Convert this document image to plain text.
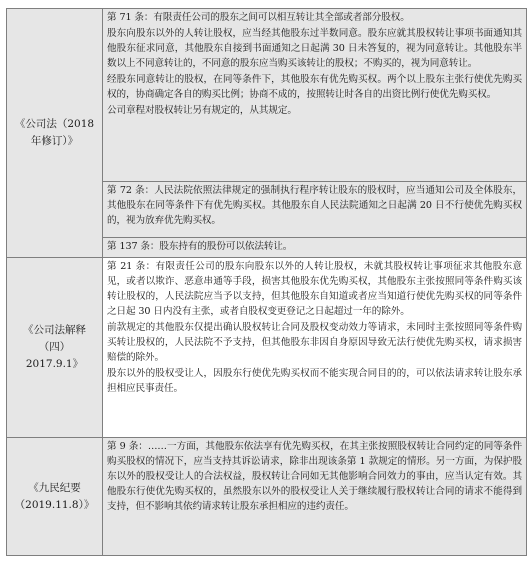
《公司法（2018年修订）》	第 71 条：有限责任公司的股东之间可以相互转让其全部或者部分股权。
股东向股东以外的人转让股权，应当经其他股东过半数同意。股东应就其股权转让事项书面通知其他股东征求同意，其他股东自接到书面通知之日起满 30 日未答复的，视为同意转让。其他股东半数以上不同意转让的，不同意的股东应当购买该转让的股权；不购买的，视为同意转让。
经股东同意转让的股权，在同等条件下，其他股东有优先购买权。两个以上股东主张行使优先购买权的，协商确定各自的购买比例；协商不成的，按照转让时各自的出资比例行使优先购买权。
公司章程对股权转让另有规定的，从其规定。

	第 72 条：人民法院依照法律规定的强制执行程序转让股东的股权时，应当通知公司及全体股东，其他股东在同等条件下有优先购买权。其他股东自人民法院通知之日起满 20 日不行使优先购买权的，视为放弃优先购买权。

	第 137 条：股东持有的股份可以依法转让。

《公司法解释（四）2017.9.1》	第 21 条：有限责任公司的股东向股东以外的人转让股权，未就其股权转让事项征求其他股东意见，或者以欺诈、恶意串通等手段，损害其他股东优先购买权，其他股东主张按照同等条件购买该转让股权的，人民法院应当予以支持，但其他股东自知道或者应当知道行使优先购买权的同等条件之日起 30 日内没有主张，或者自股权变更登记之日起超过一年的除外。
前款规定的其他股东仅提出确认股权转让合同及股权变动效力等请求，未同时主张按照同等条件购买转让股权的，人民法院不予支持，但其他股东非因自身原因导致无法行使优先购买权，请求损害赔偿的除外。
股东以外的股权受让人，因股东行使优先购买权而不能实现合同目的的，可以依法请求转让股东承担相应民事责任。

《九民纪要（2019.11.8）》	第 9 条：……一方面，其他股东依法享有优先购买权，在其主张按照股权转让合同约定的同等条件购买股权的情况下，应当支持其诉讼请求，除非出现该条第 1 款规定的情形。另一方面，为保护股东以外的股权受让人的合法权益，股权转让合同如无其他影响合同效力的事由，应当认定有效。其他股东行使优先购买权的，虽然股东以外的股权受让人关于继续履行股权转让合同的请求不能得到支持，但不影响其依约请求转让股东承担相应的违约责任。
